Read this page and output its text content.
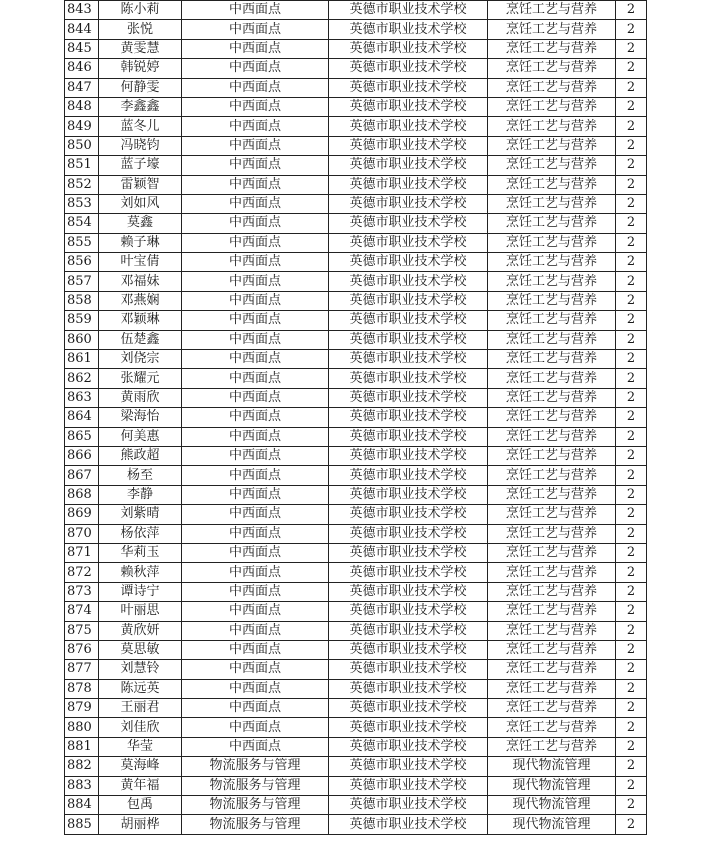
843	陈小莉	中西面点	英德市职业技术学校	烹饪工艺与营养	2
844	张悦	中西面点	英德市职业技术学校	烹饪工艺与营养	2
845	黄雯慧	中西面点	英德市职业技术学校	烹饪工艺与营养	2
846	韩锐婷	中西面点	英德市职业技术学校	烹饪工艺与营养	2
847	何静雯	中西面点	英德市职业技术学校	烹饪工艺与营养	2
848	李鑫鑫	中西面点	英德市职业技术学校	烹饪工艺与营养	2
849	蓝冬儿	中西面点	英德市职业技术学校	烹饪工艺与营养	2
850	冯晓钧	中西面点	英德市职业技术学校	烹饪工艺与营养	2
851	蓝子壕	中西面点	英德市职业技术学校	烹饪工艺与营养	2
852	雷颖智	中西面点	英德市职业技术学校	烹饪工艺与营养	2
853	刘如风	中西面点	英德市职业技术学校	烹饪工艺与营养	2
854	莫鑫	中西面点	英德市职业技术学校	烹饪工艺与营养	2
855	赖子琳	中西面点	英德市职业技术学校	烹饪工艺与营养	2
856	叶宝倩	中西面点	英德市职业技术学校	烹饪工艺与营养	2
857	邓福妹	中西面点	英德市职业技术学校	烹饪工艺与营养	2
858	邓燕娴	中西面点	英德市职业技术学校	烹饪工艺与营养	2
859	邓颖琳	中西面点	英德市职业技术学校	烹饪工艺与营养	2
860	伍楚鑫	中西面点	英德市职业技术学校	烹饪工艺与营养	2
861	刘侥宗	中西面点	英德市职业技术学校	烹饪工艺与营养	2
862	张耀元	中西面点	英德市职业技术学校	烹饪工艺与营养	2
863	黄雨欣	中西面点	英德市职业技术学校	烹饪工艺与营养	2
864	梁海怡	中西面点	英德市职业技术学校	烹饪工艺与营养	2
865	何美惠	中西面点	英德市职业技术学校	烹饪工艺与营养	2
866	熊政超	中西面点	英德市职业技术学校	烹饪工艺与营养	2
867	杨至	中西面点	英德市职业技术学校	烹饪工艺与营养	2
868	李静	中西面点	英德市职业技术学校	烹饪工艺与营养	2
869	刘紫晴	中西面点	英德市职业技术学校	烹饪工艺与营养	2
870	杨依萍	中西面点	英德市职业技术学校	烹饪工艺与营养	2
871	华莉玉	中西面点	英德市职业技术学校	烹饪工艺与营养	2
872	赖秋萍	中西面点	英德市职业技术学校	烹饪工艺与营养	2
873	谭诗宁	中西面点	英德市职业技术学校	烹饪工艺与营养	2
874	叶丽思	中西面点	英德市职业技术学校	烹饪工艺与营养	2
875	黄欣妍	中西面点	英德市职业技术学校	烹饪工艺与营养	2
876	莫思敏	中西面点	英德市职业技术学校	烹饪工艺与营养	2
877	刘慧铃	中西面点	英德市职业技术学校	烹饪工艺与营养	2
878	陈远英	中西面点	英德市职业技术学校	烹饪工艺与营养	2
879	王丽君	中西面点	英德市职业技术学校	烹饪工艺与营养	2
880	刘佳欣	中西面点	英德市职业技术学校	烹饪工艺与营养	2
881	华莹	中西面点	英德市职业技术学校	烹饪工艺与营养	2
882	莫海峰	物流服务与管理	英德市职业技术学校	现代物流管理	2
883	黄年福	物流服务与管理	英德市职业技术学校	现代物流管理	2
884	包禹	物流服务与管理	英德市职业技术学校	现代物流管理	2
885	胡丽桦	物流服务与管理	英德市职业技术学校	现代物流管理	2
